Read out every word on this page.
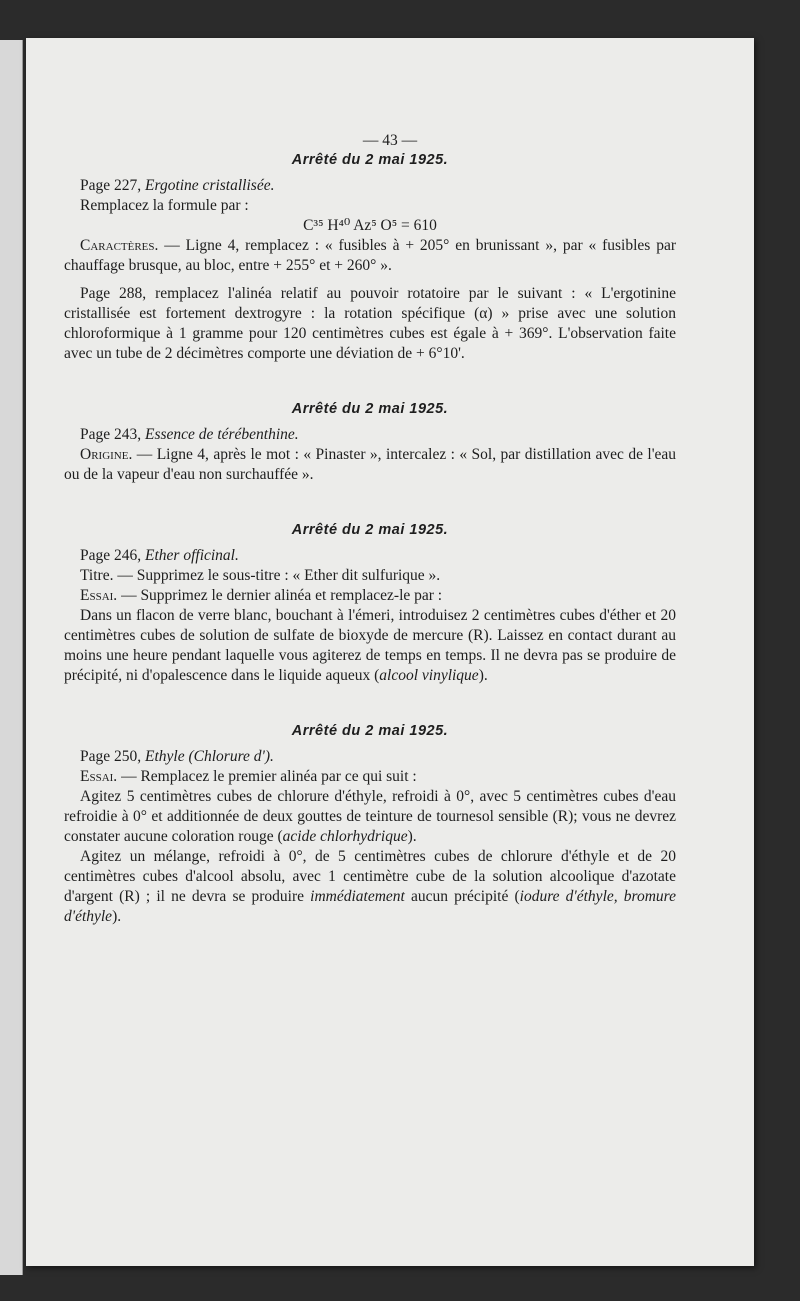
— 43 —
Arrêté du 2 mai 1925.
Page 227, Ergotine cristallisée.
Remplacez la formule par :
C³⁵ H⁴⁰ Az⁵ O⁵ = 610
Caractères. — Ligne 4, remplacez : « fusibles à + 205° en brunissant », par « fusibles par chauffage brusque, au bloc, entre + 255° et + 260° ».
Page 288, remplacez l'alinéa relatif au pouvoir rotatoire par le suivant : « L'ergotinine cristallisée est fortement dextrogyre : la rotation spécifique (α) » prise avec une solution chloroformique à 1 gramme pour 120 centimètres cubes est égale à + 369°. L'observation faite avec un tube de 2 décimètres comporte une déviation de + 6°10'.
Arrêté du 2 mai 1925.
Page 243, Essence de térébenthine.
Origine. — Ligne 4, après le mot : « Pinaster », intercalez : « Sol, par distillation avec de l'eau ou de la vapeur d'eau non surchauffée ».
Arrêté du 2 mai 1925.
Page 246, Ether officinal.
Titre. — Supprimez le sous-titre : « Ether dit sulfurique ».
Essai. — Supprimez le dernier alinéa et remplacez-le par :
Dans un flacon de verre blanc, bouchant à l'émeri, introduisez 2 centimètres cubes d'éther et 20 centimètres cubes de solution de sulfate de bioxyde de mercure (R). Laissez en contact durant au moins une heure pendant laquelle vous agiterez de temps en temps. Il ne devra pas se produire de précipité, ni d'opalescence dans le liquide aqueux (alcool vinylique).
Arrêté du 2 mai 1925.
Page 250, Ethyle (Chlorure d').
Essai. — Remplacez le premier alinéa par ce qui suit :
Agitez 5 centimètres cubes de chlorure d'éthyle, refroidi à 0°, avec 5 centimètres cubes d'eau refroidie à 0° et additionnée de deux gouttes de teinture de tournesol sensible (R); vous ne devrez constater aucune coloration rouge (acide chlorhydrique).
Agitez un mélange, refroidi à 0°, de 5 centimètres cubes de chlorure d'éthyle et de 20 centimètres cubes d'alcool absolu, avec 1 centimètre cube de la solution alcoolique d'azotate d'argent (R) ; il ne devra se produire immédiatement aucun précipité (iodure d'éthyle, bromure d'éthyle).
